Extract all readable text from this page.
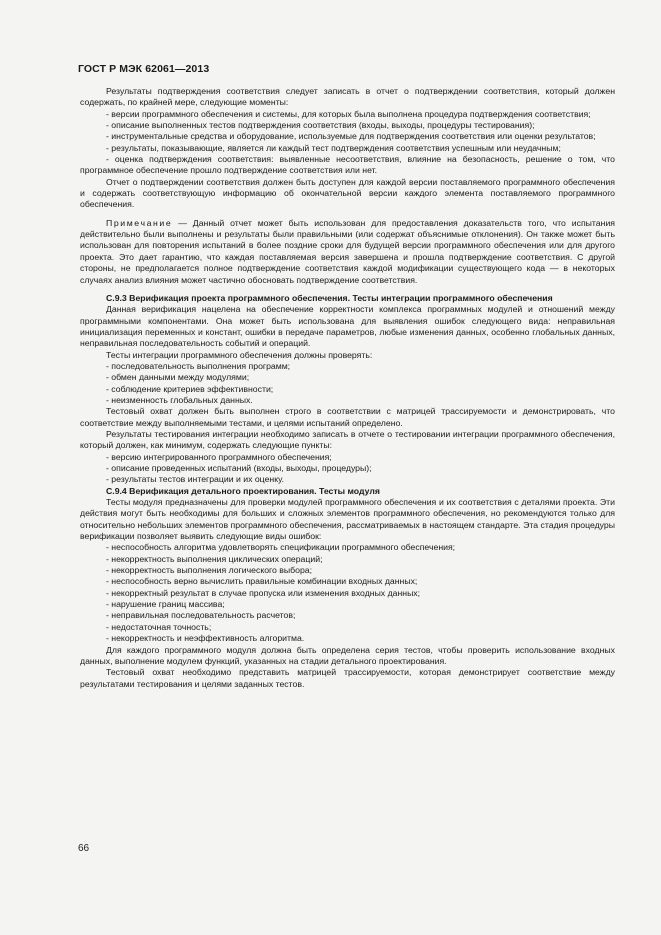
ГОСТ Р МЭК 62061—2013

Результаты подтверждения соответствия следует записать в отчет о подтверждении соответствия, который должен содержать, по крайней мере, следующие моменты:

- версии программного обеспечения и системы, для которых была выполнена процедура подтверждения соответствия;

- описание выполненных тестов подтверждения соответствия (входы, выходы, процедуры тестирования);

- инструментальные средства и оборудование, используемые для подтверждения соответствия или оценки результатов;

- результаты, показывающие, является ли каждый тест подтверждения соответствия успешным или неудачным;

- оценка подтверждения соответствия: выявленные несоответствия, влияние на безопасность, решение о том, что программное обеспечение прошло подтверждение соответствия или нет.

Отчет о подтверждении соответствия должен быть доступен для каждой версии поставляемого программного обеспечения и содержать соответствующую информацию об окончательной версии каждого элемента поставляемого программного обеспечения.

Примечание — Данный отчет может быть использован для предоставления доказательств того, что испытания действительно были выполнены и результаты были правильными (или содержат объяснимые отклонения). Он также может быть использован для повторения испытаний в более поздние сроки для будущей версии программного обеспечения или для другого проекта. Это дает гарантию, что каждая поставляемая версия завершена и прошла подтверждение соответствия. С другой стороны, не предполагается полное подтверждение соответствия каждой модификации существующего кода — в некоторых случаях анализ влияния может частично обосновать подтверждение соответствия.

С.9.3 Верификация проекта программного обеспечения. Тесты интеграции программного обеспечения

Данная верификация нацелена на обеспечение корректности комплекса программных модулей и отношений между программными компонентами. Она может быть использована для выявления ошибок следующего вида: неправильная инициализация переменных и констант, ошибки в передаче параметров, любые изменения данных, особенно глобальных данных, неправильная последовательность событий и операций.

Тесты интеграции программного обеспечения должны проверять:

- последовательность выполнения программ;

- обмен данными между модулями;

- соблюдение критериев эффективности;

- неизменность глобальных данных.

Тестовый охват должен быть выполнен строго в соответствии с матрицей трассируемости и демонстрировать, что соответствие между выполняемыми тестами, и целями испытаний определено.

Результаты тестирования интеграции необходимо записать в отчете о тестировании интеграции программного обеспечения, который должен, как минимум, содержать следующие пункты:

- версию интегрированного программного обеспечения;

- описание проведенных испытаний (входы, выходы, процедуры);

- результаты тестов интеграции и их оценку.

С.9.4 Верификация детального проектирования. Тесты модуля

Тесты модуля предназначены для проверки модулей программного обеспечения и их соответствия с деталями проекта. Эти действия могут быть необходимы для больших и сложных элементов программного обеспечения, но рекомендуются только для относительно небольших элементов программного обеспечения, рассматриваемых в настоящем стандарте. Эта стадия процедуры верификации позволяет выявить следующие виды ошибок:

- неспособность алгоритма удовлетворять спецификации программного обеспечения;

- некорректность выполнения циклических операций;

- некорректность выполнения логического выбора;

- неспособность верно вычислить правильные комбинации входных данных;

- некорректный результат в случае пропуска или изменения входных данных;

- нарушение границ массива;

- неправильная последовательность расчетов;

- недостаточная точность;

- некорректность и неэффективность алгоритма.

Для каждого программного модуля должна быть определена серия тестов, чтобы проверить использование входных данных, выполнение модулем функций, указанных на стадии детального проектирования.

Тестовый охват необходимо представить матрицей трассируемости, которая демонстрирует соответствие между результатами тестирования и целями заданных тестов.

66
